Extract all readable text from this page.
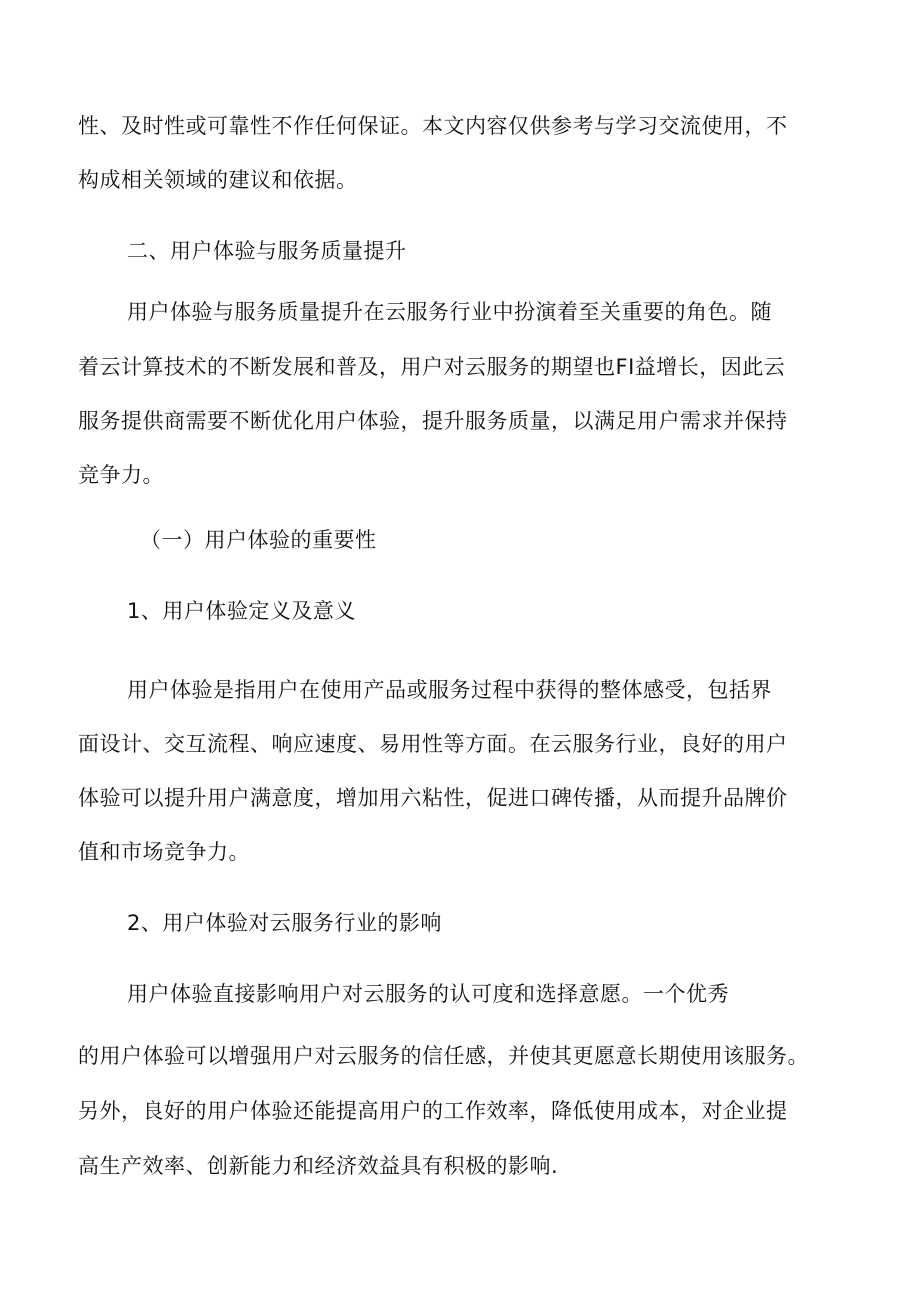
性、及时性或可靠性不作任何保证。本文内容仅供参考与学习交流使用，不
构成相关领域的建议和依据。
二、用户体验与服务质量提升
用户体验与服务质量提升在云服务行业中扮演着至关重要的角色。随
着云计算技术的不断发展和普及，用户对云服务的期望也FI益增长，因此云
服务提供商需要不断优化用户体验，提升服务质量，以满足用户需求并保持
竞争力。
（一）用户体验的重要性
1、用户体验定义及意义
用户体验是指用户在使用产品或服务过程中获得的整体感受，包括界
面设计、交互流程、响应速度、易用性等方面。在云服务行业，良好的用户
体验可以提升用户满意度，增加用六粘性，促进口碑传播，从而提升品牌价
值和市场竞争力。
2、用户体验对云服务行业的影响
用户体验直接影响用户对云服务的认可度和选择意愿。一个优秀
的用户体验可以增强用户对云服务的信任感，并使其更愿意长期使用该服务。
另外，良好的用户体验还能提高用户的工作效率，降低使用成本，对企业提
高生产效率、创新能力和经济效益具有积极的影响.
